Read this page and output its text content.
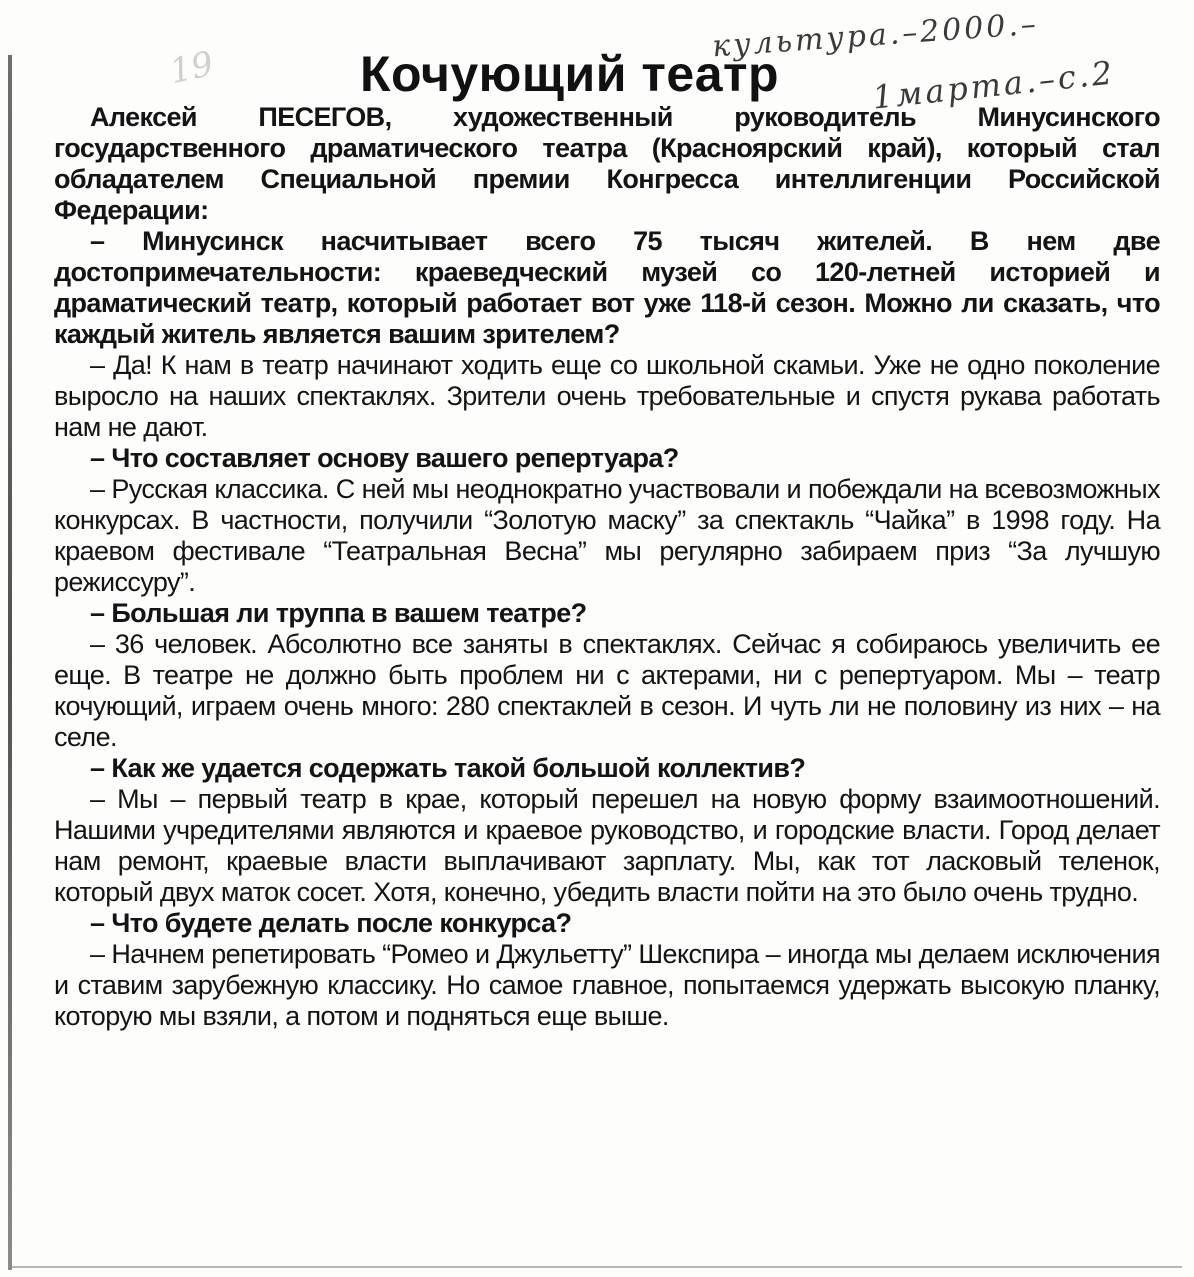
19	Кочующий театр
культура.–2000.–
1марта.–с.2

Алексей ПЕСЕГОВ, художественный руководитель Минусинского государственного драматического театра (Красноярский край), который стал обладателем Специальной премии Конгресса интеллигенции Российской Федерации:

– Минусинск насчитывает всего 75 тысяч жителей. В нем две достопримечательности: краеведческий музей со 120-летней историей и драматический театр, который работает вот уже 118-й сезон. Можно ли сказать, что каждый житель является вашим зрителем?

– Да! К нам в театр начинают ходить еще со школьной скамьи. Уже не одно поколение выросло на наших спектаклях. Зрители очень требовательные и спустя рукава работать нам не дают.

– Что составляет основу вашего репертуара?

– Русская классика. С ней мы неоднократно участвовали и побеждали на всевозможных конкурсах. В частности, получили “Золотую маску” за спектакль “Чайка” в 1998 году. На краевом фестивале “Театральная Весна” мы регулярно забираем приз “За лучшую режиссуру”.

– Большая ли труппа в вашем театре?

– 36 человек. Абсолютно все заняты в спектаклях. Сейчас я собираюсь увеличить ее еще. В театре не должно быть проблем ни с актерами, ни с репертуаром. Мы – театр кочующий, играем очень много: 280 спектаклей в сезон. И чуть ли не половину из них – на селе.

– Как же удается содержать такой большой коллектив?

– Мы – первый театр в крае, который перешел на новую форму взаимоотношений. Нашими учредителями являются и краевое руководство, и городские власти. Город делает нам ремонт, краевые власти выплачивают зарплату. Мы, как тот ласковый теленок, который двух маток сосет. Хотя, конечно, убедить власти пойти на это было очень трудно.

– Что будете делать после конкурса?

– Начнем репетировать “Ромео и Джульетту” Шекспира – иногда мы делаем исключения и ставим зарубежную классику. Но самое главное, попытаемся удержать высокую планку, которую мы взяли, а потом и подняться еще выше.
